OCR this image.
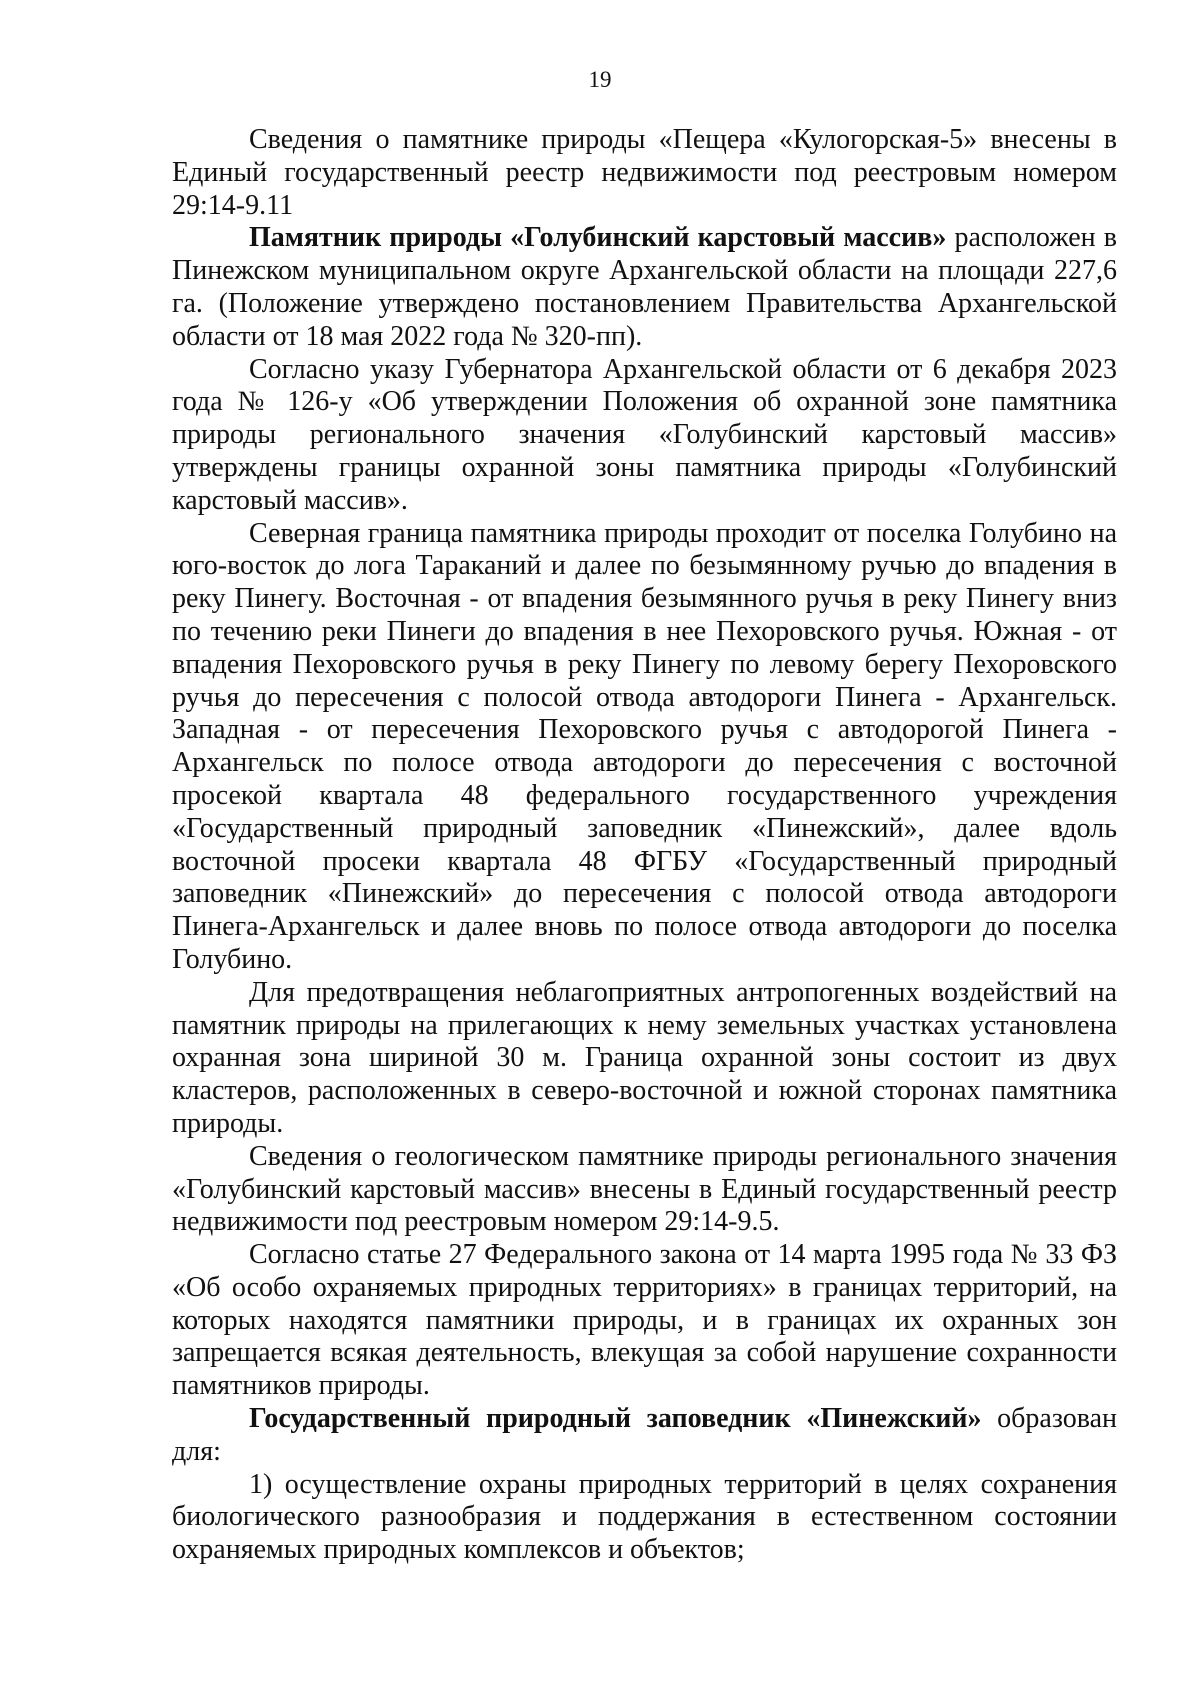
19

Сведения о памятнике природы «Пещера «Кулогорская-5» внесены в Единый государственный реестр недвижимости под реестровым номером 29:14-9.11

Памятник природы «Голубинский карстовый массив» расположен в Пинежском муниципальном округе Архангельской области на площади 227,6 га. (Положение утверждено постановлением Правительства Архангельской области от 18 мая 2022 года № 320-пп).

Согласно указу Губернатора Архангельской области от 6 декабря 2023 года № 126-у «Об утверждении Положения об охранной зоне памятника природы регионального значения «Голубинский карстовый массив» утверждены границы охранной зоны памятника природы «Голубинский карстовый массив».

Северная граница памятника природы проходит от поселка Голубино на юго-восток до лога Тараканий и далее по безымянному ручью до впадения в реку Пинегу. Восточная - от впадения безымянного ручья в реку Пинегу вниз по течению реки Пинеги до впадения в нее Пехоровского ручья. Южная - от впадения Пехоровского ручья в реку Пинегу по левому берегу Пехоровского ручья до пересечения с полосой отвода автодороги Пинега - Архангельск. Западная - от пересечения Пехоровского ручья с автодорогой Пинега - Архангельск по полосе отвода автодороги до пересечения с восточной просекой квартала 48 федерального государственного учреждения «Государственный природный заповедник «Пинежский», далее вдоль восточной просеки квартала 48 ФГБУ «Государственный природный заповедник «Пинежский» до пересечения с полосой отвода автодороги Пинега-Архангельск и далее вновь по полосе отвода автодороги до поселка Голубино.

Для предотвращения неблагоприятных антропогенных воздействий на памятник природы на прилегающих к нему земельных участках установлена охранная зона шириной 30 м. Граница охранной зоны состоит из двух кластеров, расположенных в северо-восточной и южной сторонах памятника природы.

Сведения о геологическом памятнике природы регионального значения «Голубинский карстовый массив» внесены в Единый государственный реестр недвижимости под реестровым номером 29:14-9.5.

Согласно статье 27 Федерального закона от 14 марта 1995 года № 33 ФЗ «Об особо охраняемых природных территориях» в границах территорий, на которых находятся памятники природы, и в границах их охранных зон запрещается всякая деятельность, влекущая за собой нарушение сохранности памятников природы.

Государственный природный заповедник «Пинежский» образован для:

1) осуществление охраны природных территорий в целях сохранения биологического разнообразия и поддержания в естественном состоянии охраняемых природных комплексов и объектов;
